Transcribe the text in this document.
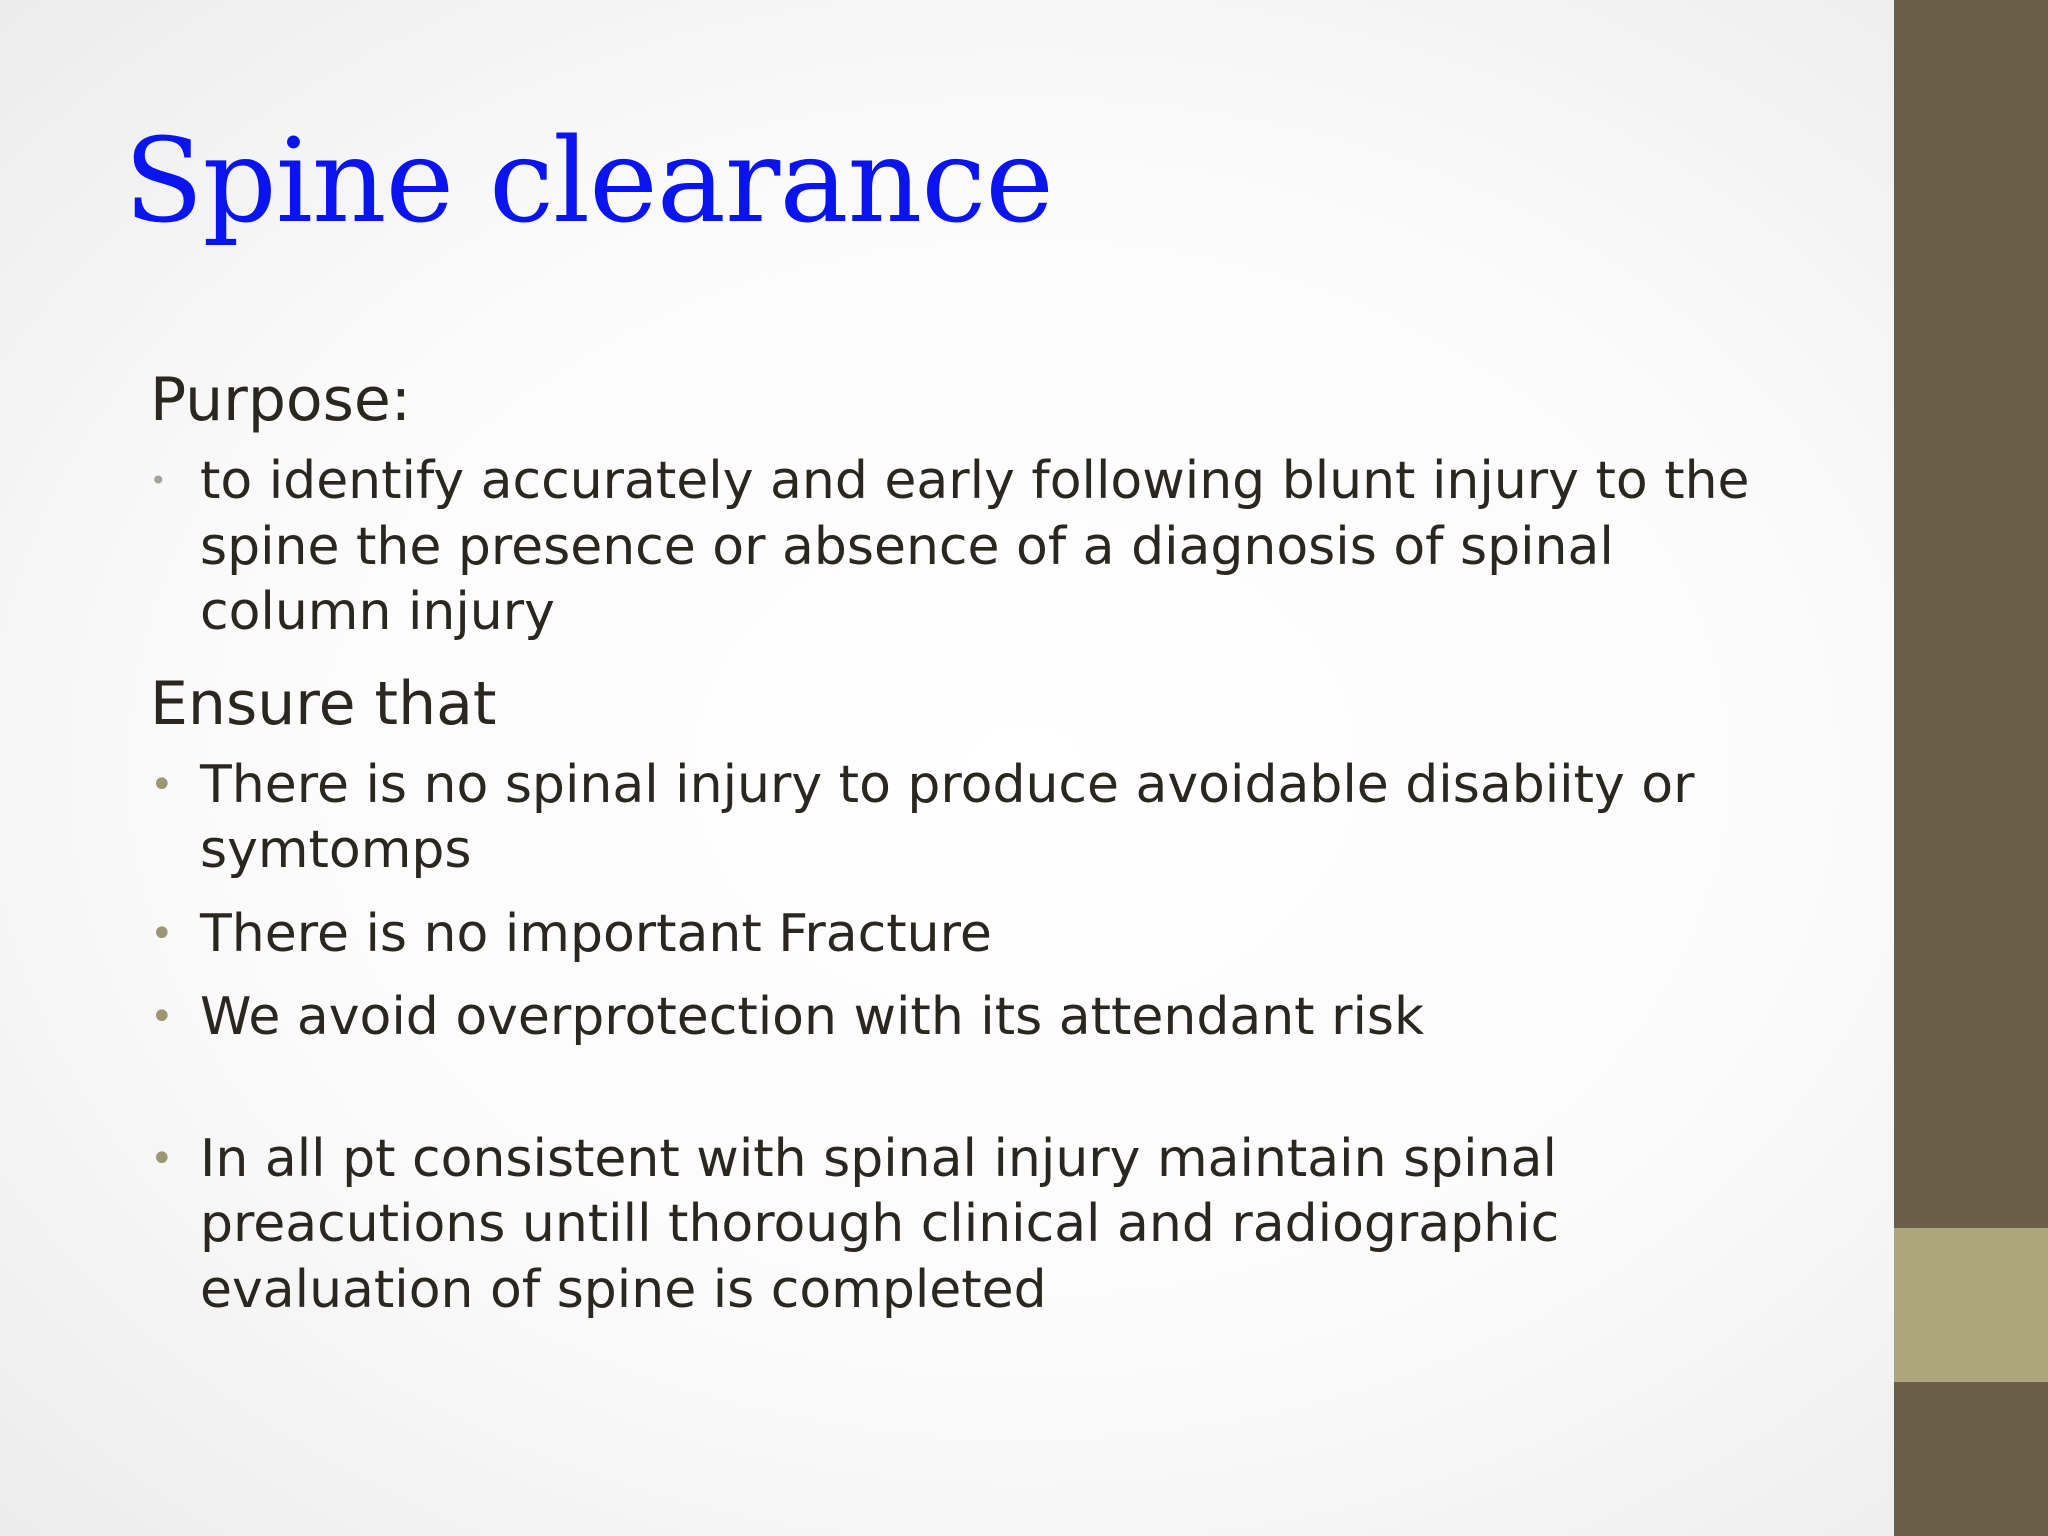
Spine clearance
Purpose:
• to identify accurately and early following blunt injury to the spine the presence or absence of a diagnosis of spinal column injury
Ensure that
• There is no spinal injury to produce avoidable disabiity or symtomps
• There is no important Fracture
• We avoid overprotection with its attendant risk
• In all pt consistent with spinal injury maintain spinal preacutions untill thorough clinical and radiographic evaluation of spine is completed
